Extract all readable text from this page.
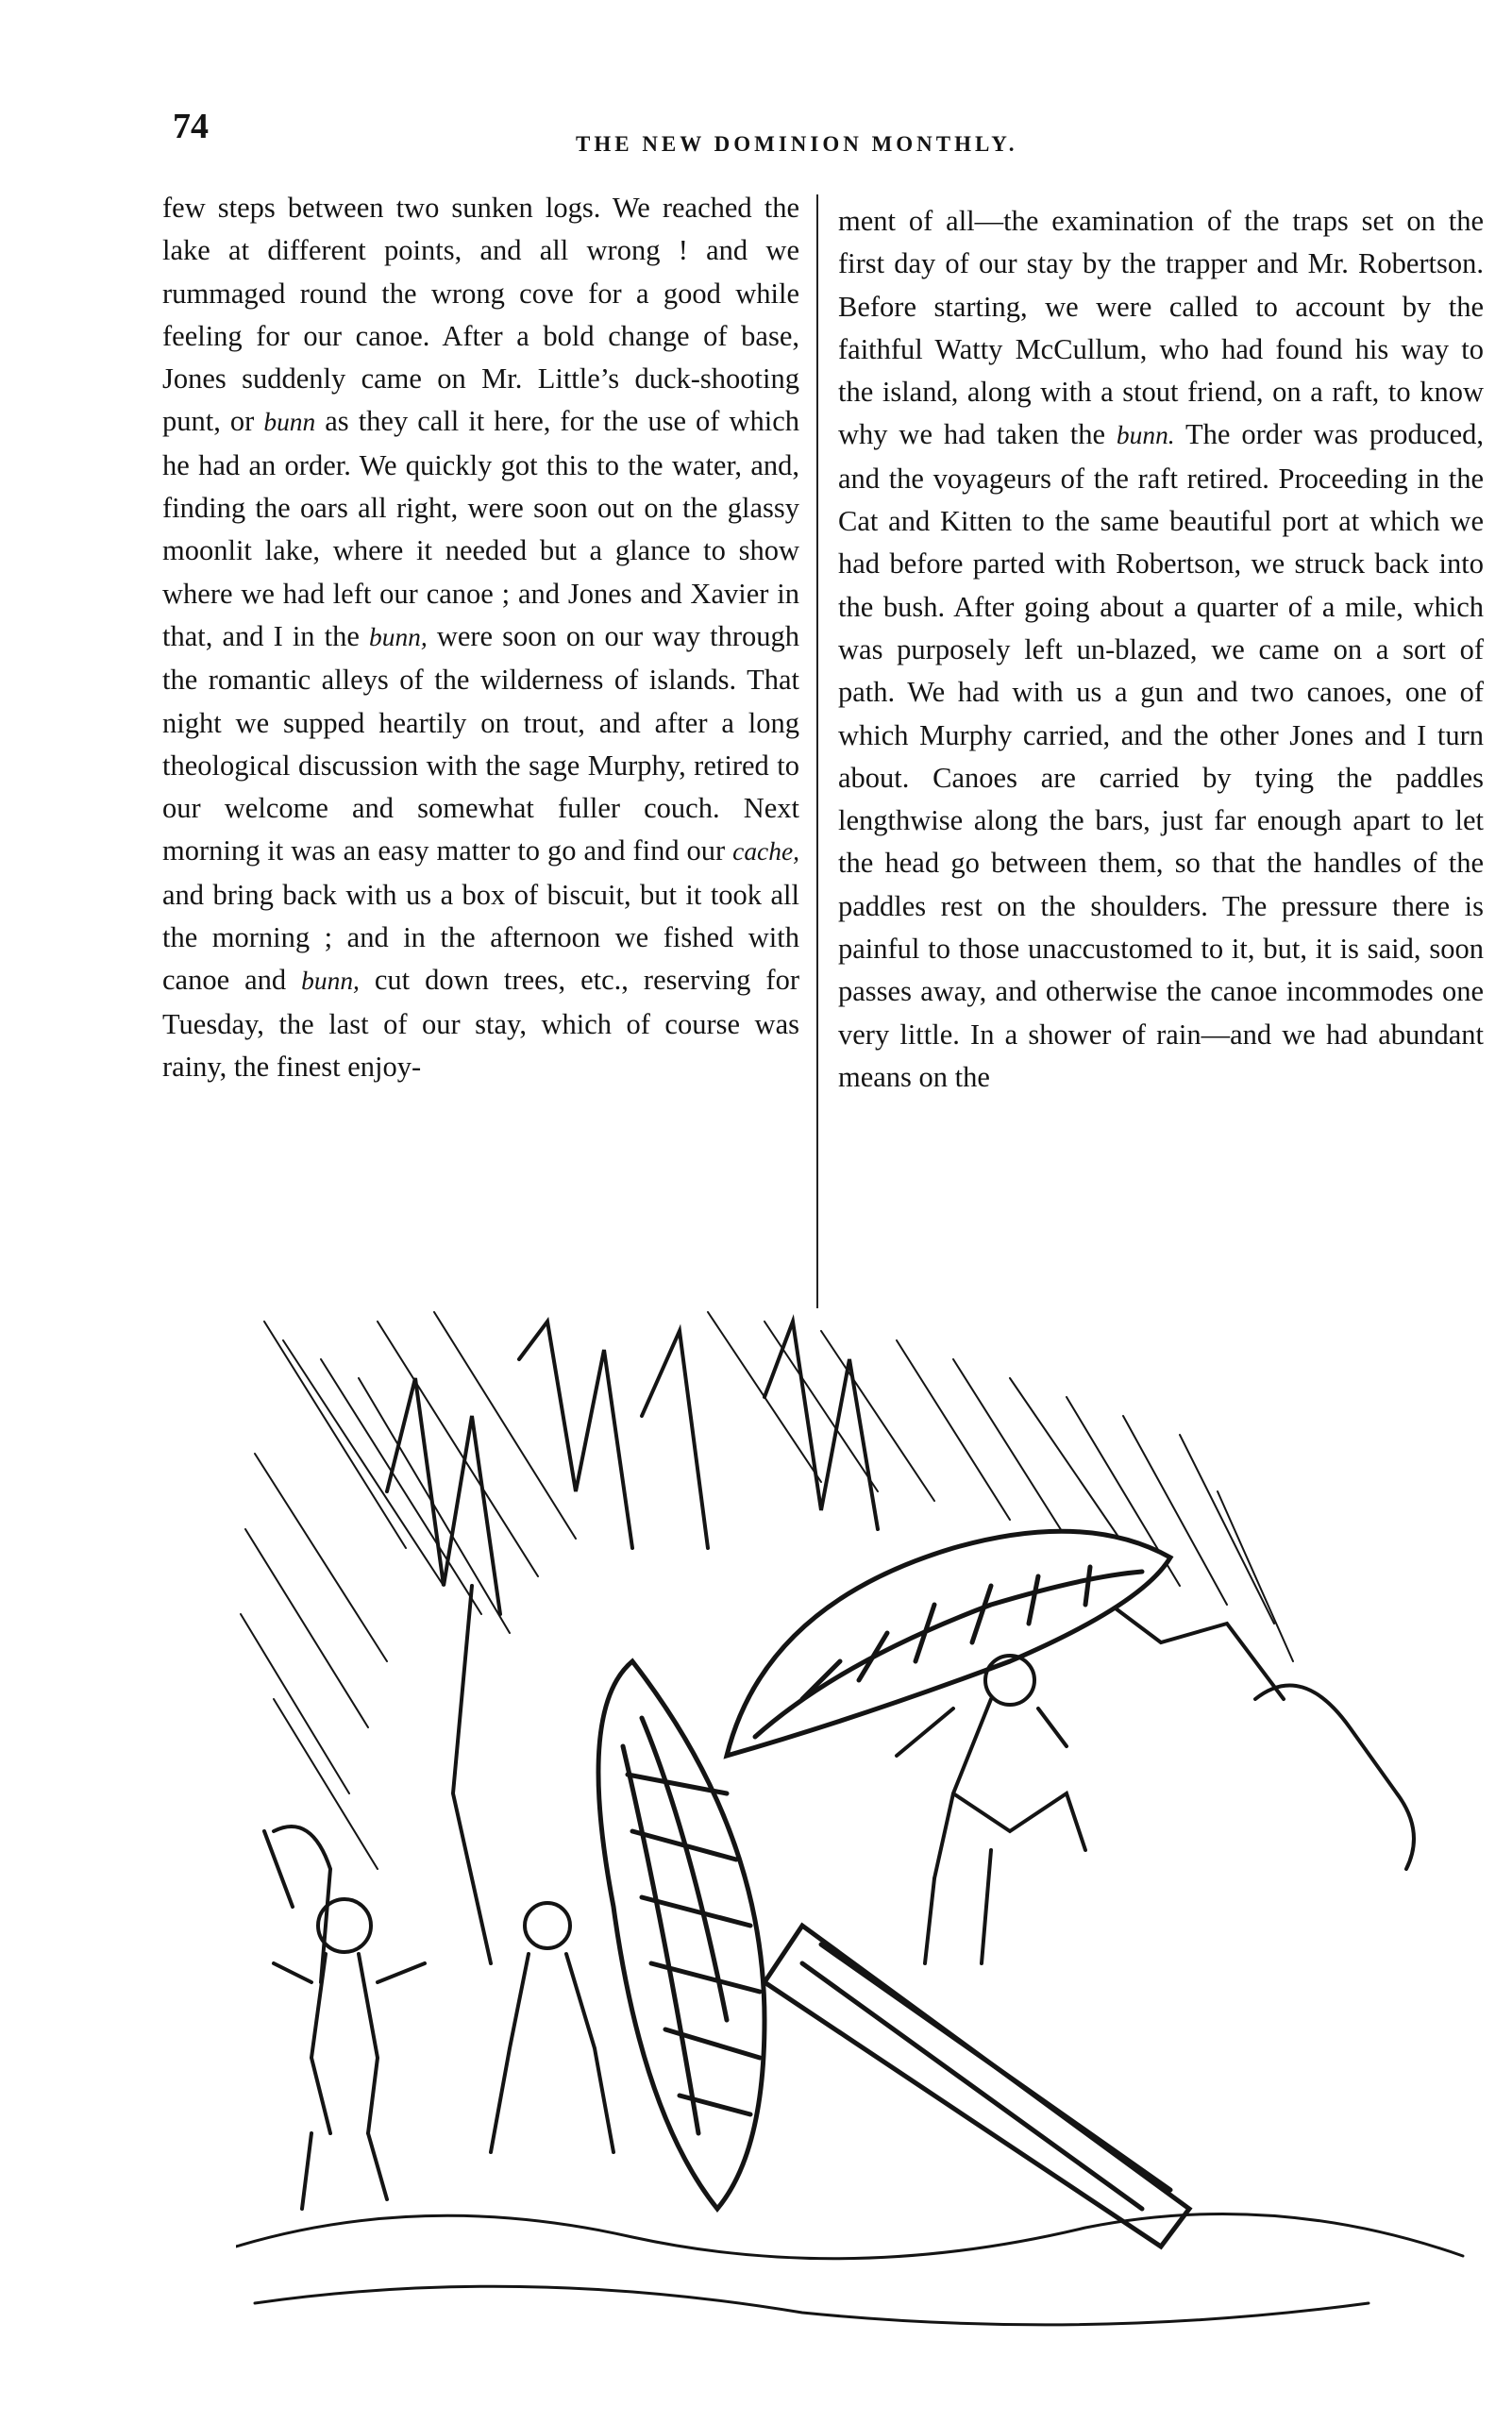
74	THE NEW DOMINION MONTHLY.

few steps between two sunken logs. We reached the lake at different points, and all wrong ! and we rummaged round the wrong cove for a good while feeling for our canoe. After a bold change of base, Jones suddenly came on Mr. Little’s duck-shooting punt, or bunn as they call it here, for the use of which he had an order. We quickly got this to the water, and, finding the oars all right, were soon out on the glassy moonlit lake, where it needed but a glance to show where we had left our canoe ; and Jones and Xavier in that, and I in the bunn, were soon on our way through the romantic alleys of the wilderness of islands. That night we supped heartily on trout, and after a long theological discussion with the sage Murphy, retired to our welcome and somewhat fuller couch. Next morning it was an easy matter to go and find our cache, and bring back with us a box of biscuit, but it took all the morning ; and in the afternoon we fished with canoe and bunn, cut down trees, etc., reserving for Tuesday, the last of our stay, which of course was rainy, the finest enjoy-

ment of all—the examination of the traps set on the first day of our stay by the trapper and Mr. Robertson. Before starting, we were called to account by the faithful Watty McCullum, who had found his way to the island, along with a stout friend, on a raft, to know why we had taken the bunn. The order was produced, and the voyageurs of the raft retired. Proceeding in the Cat and Kitten to the same beautiful port at which we had before parted with Robertson, we struck back into the bush. After going about a quarter of a mile, which was purposely left un-blazed, we came on a sort of path. We had with us a gun and two canoes, one of which Murphy carried, and the other Jones and I turn about. Canoes are carried by tying the paddles lengthwise along the bars, just far enough apart to let the head go between them, so that the handles of the paddles rest on the shoulders. The pressure there is painful to those unaccustomed to it, but, it is said, soon passes away, and otherwise the canoe incommodes one very little. In a shower of rain—and we had abundant means on the
